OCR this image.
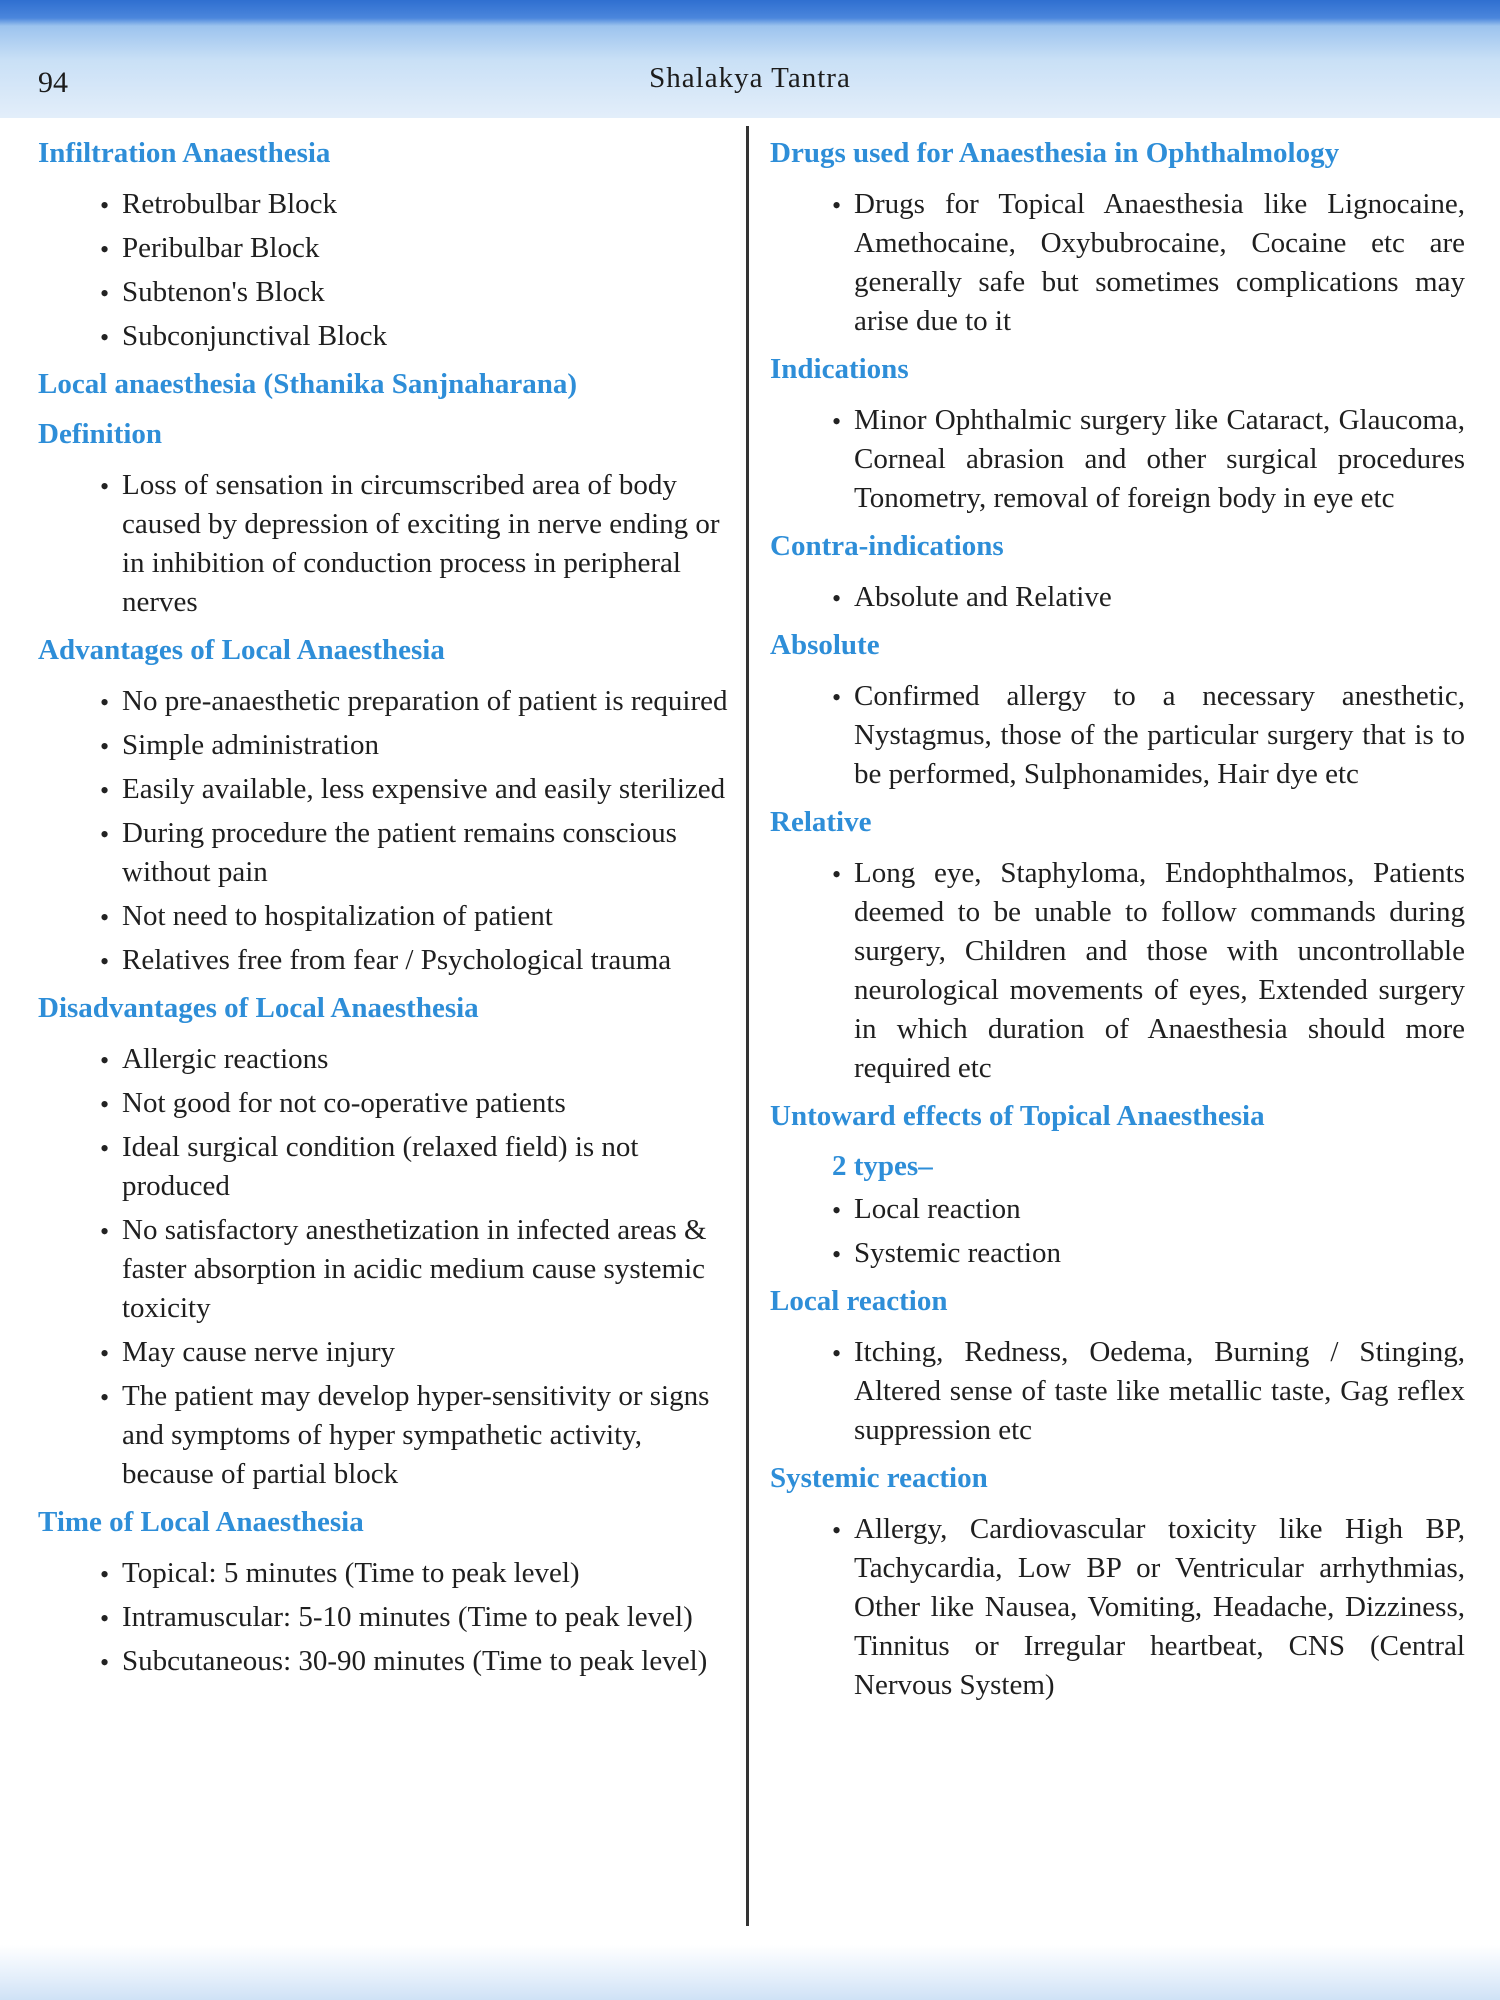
94	Shalakya Tantra
Infiltration Anaesthesia
• Retrobulbar Block
• Peribulbar Block
• Subtenon's Block
• Subconjunctival Block
Local anaesthesia (Sthanika Sanjnaharana)
Definition
• Loss of sensation in circumscribed area of body caused by depression of exciting in nerve ending or in inhibition of conduction process in peripheral nerves
Advantages of Local Anaesthesia
• No pre-anaesthetic preparation of patient is required
• Simple administration
• Easily available, less expensive and easily sterilized
• During procedure the patient remains conscious without pain
• Not need to hospitalization of patient
• Relatives free from fear / Psychological trauma
Disadvantages of Local Anaesthesia
• Allergic reactions
• Not good for not co-operative patients
• Ideal surgical condition (relaxed field) is not produced
• No satisfactory anesthetization in infected areas & faster absorption in acidic medium cause systemic toxicity
• May cause nerve injury
• The patient may develop hyper-sensitivity or signs and symptoms of hyper sympathetic activity, because of partial block
Time of Local Anaesthesia
• Topical: 5 minutes (Time to peak level)
• Intramuscular: 5-10 minutes (Time to peak level)
• Subcutaneous: 30-90 minutes (Time to peak level)
Drugs used for Anaesthesia in Ophthalmology
• Drugs for Topical Anaesthesia like Lignocaine, Amethocaine, Oxybubrocaine, Cocaine etc are generally safe but sometimes complications may arise due to it
Indications
• Minor Ophthalmic surgery like Cataract, Glaucoma, Corneal abrasion and other surgical procedures Tonometry, removal of foreign body in eye etc
Contra-indications
• Absolute and Relative
Absolute
• Confirmed allergy to a necessary anesthetic, Nystagmus, those of the particular surgery that is to be performed, Sulphonamides, Hair dye etc
Relative
• Long eye, Staphyloma, Endophthalmos, Patients deemed to be unable to follow commands during surgery, Children and those with uncontrollable neurological movements of eyes, Extended surgery in which duration of Anaesthesia should more required etc
Untoward effects of Topical Anaesthesia
2 types–
• Local reaction
• Systemic reaction
Local reaction
• Itching, Redness, Oedema, Burning / Stinging, Altered sense of taste like metallic taste, Gag reflex suppression etc
Systemic reaction
• Allergy, Cardiovascular toxicity like High BP, Tachycardia, Low BP or Ventricular arrhythmias, Other like Nausea, Vomiting, Headache, Dizziness, Tinnitus or Irregular heartbeat, CNS (Central Nervous System)
